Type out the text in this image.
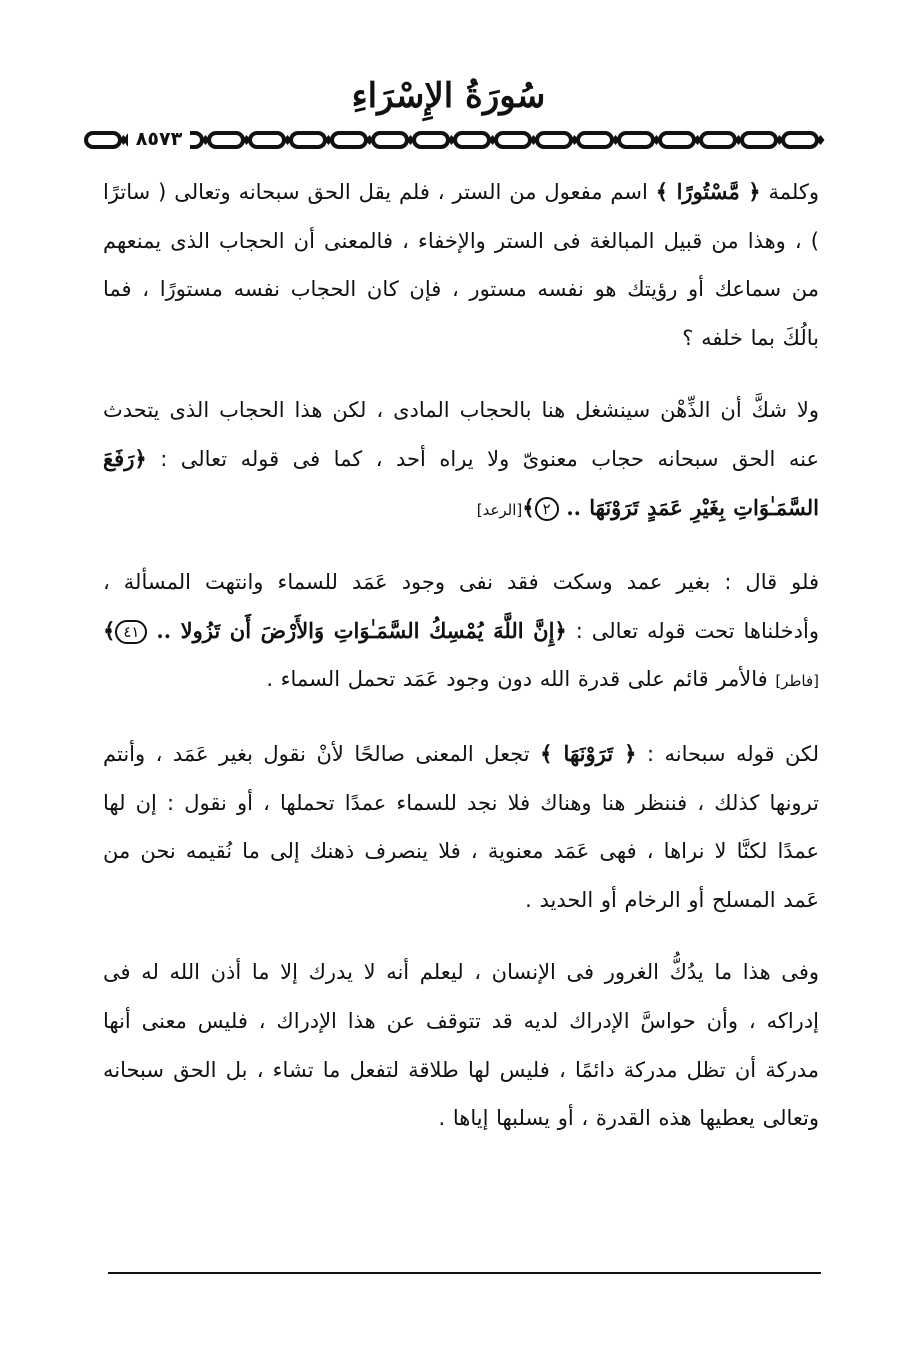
سُورَةُ الإِسْرَاءِ
٨٥٧٣

وكلمة ﴿ مَّسْتُورًا ﴾ اسم مفعول من الستر ، فلم يقل الحق سبحانه وتعالى ( ساترًا ) ، وهذا من قبيل المبالغة فى الستر والإخفاء ، فالمعنى أن الحجاب الذى يمنعهم من سماعك أو رؤيتك هو نفسه مستور ، فإن كان الحجاب نفسه مستورًا ، فما بالُكَ بما خلفه ؟

ولا شكَّ أن الذِّهْن سينشغل هنا بالحجاب المادى ، لكن هذا الحجاب الذى يتحدث عنه الحق سبحانه حجاب معنوىّ ولا يراه أحد ، كما فى قوله تعالى : ﴿رَفَعَ السَّمَـٰوَاتِ بِغَيْرِ عَمَدٍ تَرَوْنَهَا .. ٢﴾[الرعد]

فلو قال : بغير عمد وسكت فقد نفى وجود عَمَد للسماء وانتهت المسألة ، وأدخلناها تحت قوله تعالى : ﴿إِنَّ اللَّهَ يُمْسِكُ السَّمَـٰوَاتِ وَالأَرْضَ أَن تَزُولا .. ٤١﴾ [فاطر] فالأمر قائم على قدرة الله دون وجود عَمَد تحمل السماء .

لكن قوله سبحانه : ﴿ تَرَوْنَهَا ﴾ تجعل المعنى صالحًا لأنْ نقول بغير عَمَد ، وأنتم ترونها كذلك ، فننظر هنا وهناك فلا نجد للسماء عمدًا تحملها ، أو نقول : إن لها عمدًا لكنَّا لا نراها ، فهى عَمَد معنوية ، فلا ينصرف ذهنك إلى ما نُقيمه نحن من عَمد المسلح أو الرخام أو الحديد .

وفى هذا ما يدُكُّ الغرور فى الإنسان ، ليعلم أنه لا يدرك إلا ما أذن الله له فى إدراكه ، وأن حواسَّ الإدراك لديه قد تتوقف عن هذا الإدراك ، فليس معنى أنها مدركة أن تظل مدركة دائمًا ، فليس لها طلاقة لتفعل ما تشاء ، بل الحق سبحانه وتعالى يعطيها هذه القدرة ، أو يسلبها إياها .
